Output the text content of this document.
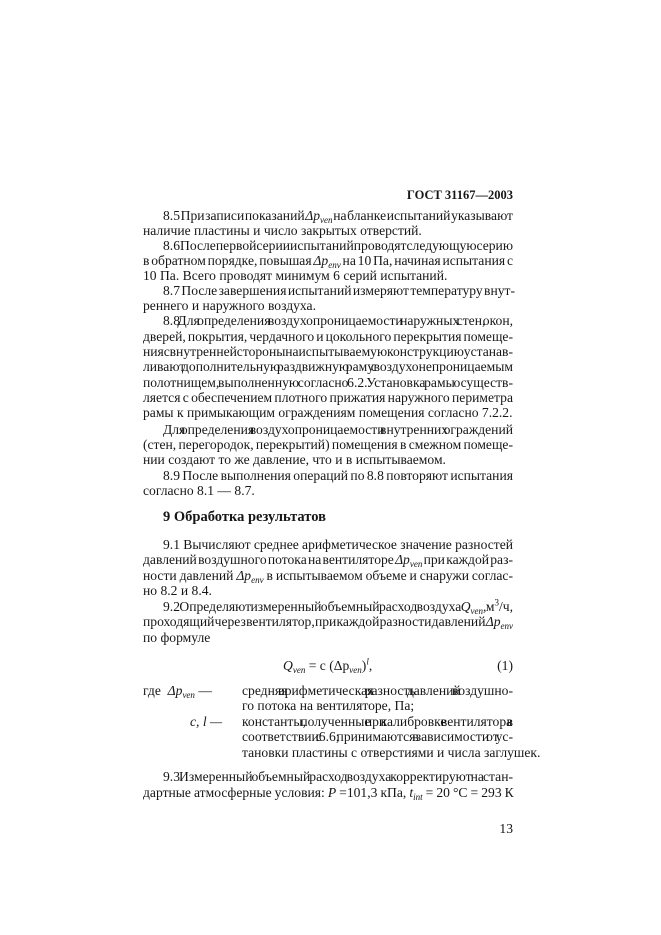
ГОСТ 31167—2003
8.5 При записи показаний $\Delta p_{ven}$ на бланке испытаний указывают
наличие пластины и число закрытых отверстий.
8.6 После первой серии испытаний проводят следующую серию
в обратном порядке, повышая $\Delta p_{env}$ на 10 Па, начиная испытания с
10 Па. Всего проводят минимум 6 серий испытаний.
8.7 После завершения испытаний измеряют температуру внут-
реннего и наружного воздуха.
8.8 Для определения воздухопроницаемости наружных стен, окон,
дверей, покрытия, чердачного и цокольного перекрытия помеще-
ния с внутренней стороны на испытываемую конструкцию устанав-
ливают дополнительную раздвижную раму с воздухонепроницаемым
полотнищем, выполненную согласно 6.2. Установка рамы осуществ-
ляется с обеспечением плотного прижатия наружного периметра
рамы к примыкающим ограждениям помещения согласно 7.2.2.
Для определения воздухопроницаемости внутренних ограждений
(стен, перегородок, перекрытий) помещения в смежном помеще-
нии создают то же давление, что и в испытываемом.
8.9 После выполнения операций по 8.8 повторяют испытания
согласно 8.1 — 8.7.
9 Обработка результатов
9.1 Вычисляют среднее арифметическое значение разностей
давлений воздушного потока на вентиляторе $\Delta p_{ven}$ при каждой раз-
ности давлений $\Delta p_{env}$ в испытываемом объеме и снаружи соглас-
но 8.2 и 8.4.
9.2 Определяют измеренный объемный расход воздуха $Q_{ven}$, $м^3/ч$,
проходящий через вентилятор, при каждой разности давлений $\Delta p_{env}$
по формуле
$Q_{ven} = c$ $(\Delta p_{ven})^l$,	(1)
где $\Delta p_{ven}$ — средняя арифметическая разность давлений воздушно-
го потока на вентиляторе, Па;
c, l — константы, полученные при калибровке вентилятора в
соответствии с 6.6; принимаются в зависимости от ус-
тановки пластины с отверстиями и числа заглушек.
9.3 Измеренный объемный расход воздуха корректируют на стан-
дартные атмосферные условия: P =101,3 кПа, $t_{int} = 20$ °С = 293 К
13
